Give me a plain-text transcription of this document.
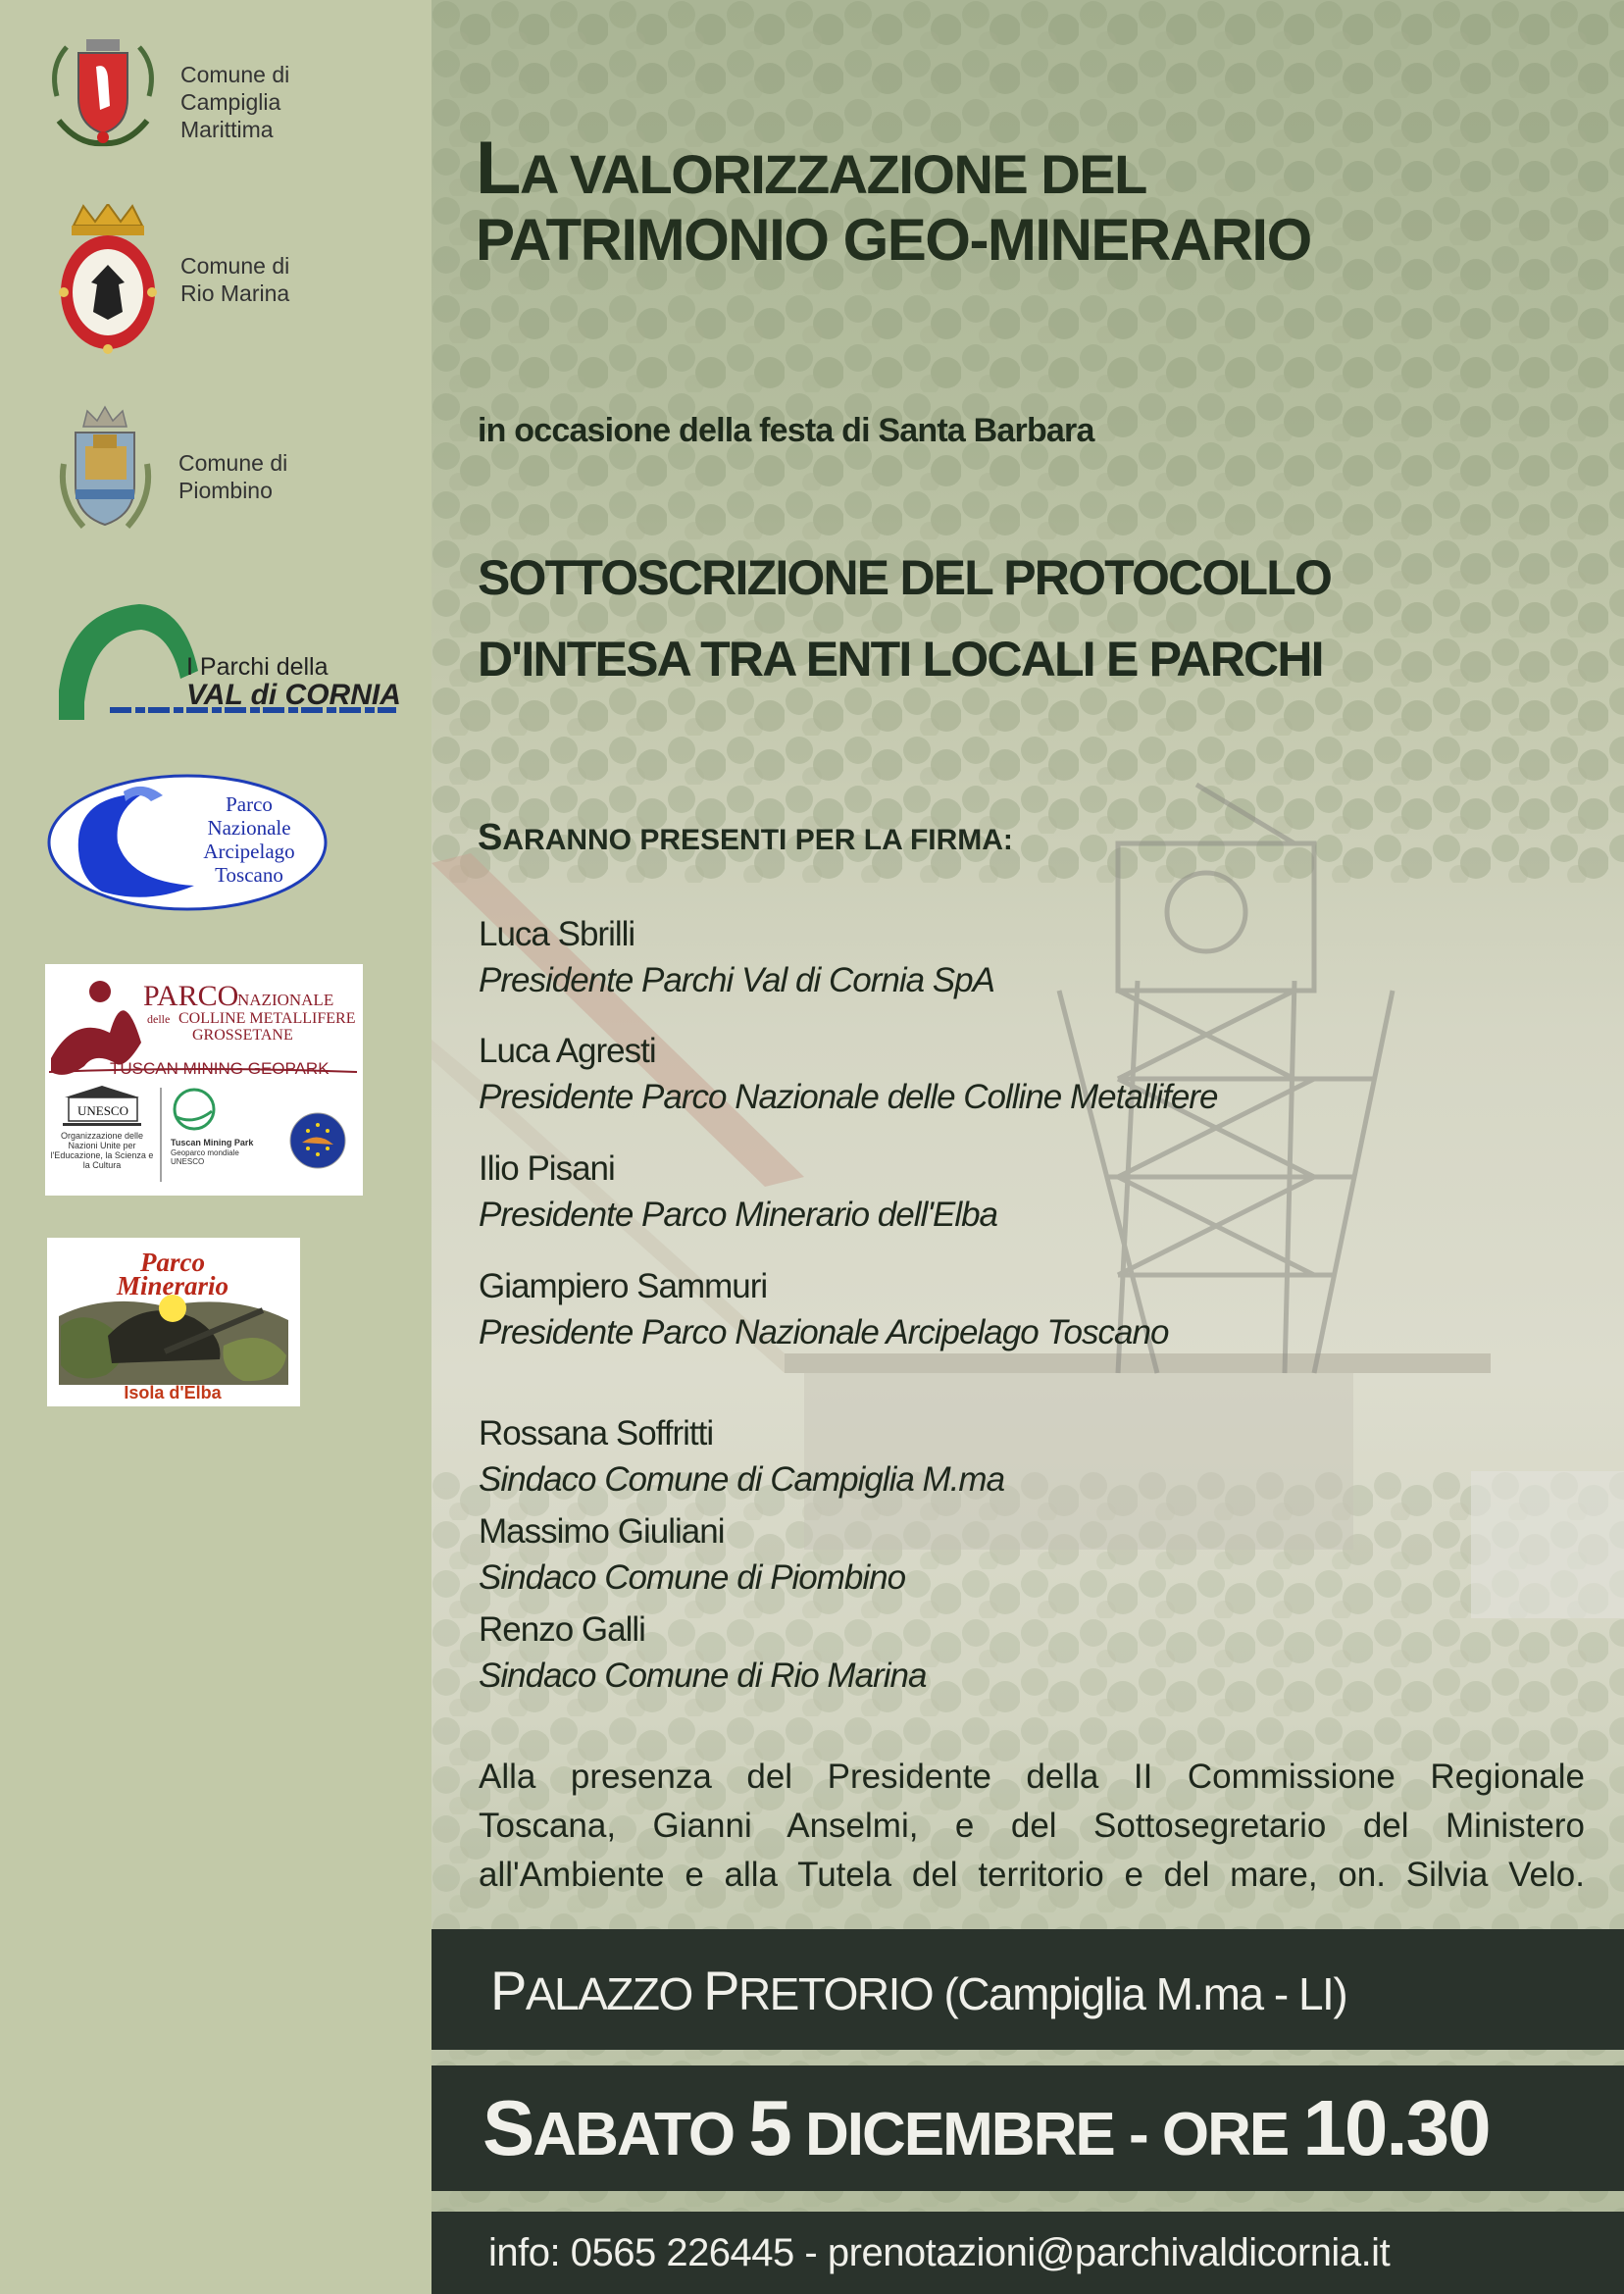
Comune di
Campiglia
Marittima
Comune di
Rio Marina
Comune di
Piombino
I Parchi della
VAL di CORNIA
Parco
Nazionale
Arcipelago
Toscano
PARCO
NAZIONALE
delle COLLINE METALLIFERE
GROSSETANE
TUSCAN MINING GEOPARK
UNESCO
Organizzazione delle Nazioni Unite per l'Educazione, la Scienza e la Cultura
Tuscan Mining Park
Geoparco mondiale UNESCO
Parco
Minerario
Isola d'Elba
LA VALORIZZAZIONE DEL
PATRIMONIO GEO-MINERARIO
in occasione della festa di Santa Barbara
SOTTOSCRIZIONE DEL PROTOCOLLO
D'INTESA TRA ENTI LOCALI E PARCHI
SARANNO PRESENTI PER LA FIRMA:
Luca Sbrilli
Presidente Parchi Val di Cornia SpA
Luca Agresti
Presidente Parco Nazionale delle Colline Metallifere
Ilio Pisani
Presidente Parco Minerario dell'Elba
Giampiero Sammuri
Presidente Parco Nazionale Arcipelago Toscano
Rossana Soffritti
Sindaco Comune di Campiglia M.ma
Massimo Giuliani
Sindaco Comune di Piombino
Renzo Galli
Sindaco Comune di Rio Marina
Alla presenza del Presidente della II Commissione Regionale
Toscana, Gianni Anselmi, e del Sottosegretario del Ministero
all'Ambiente e alla Tutela del territorio e del mare, on. Silvia Velo.
PALAZZO PRETORIO (Campiglia M.ma - LI)
SABATO 5 DICEMBRE - ORE 10.30
info: 0565 226445 - prenotazioni@parchivaldicornia.it
